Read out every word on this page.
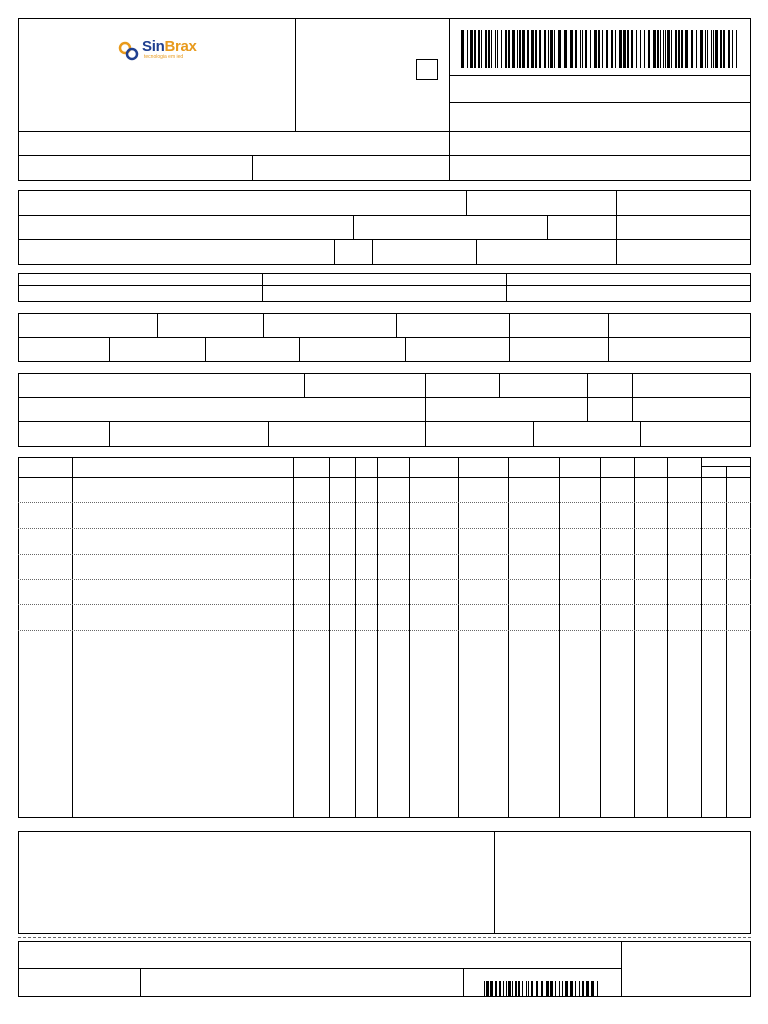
SinBrax
tecnologia em ied
